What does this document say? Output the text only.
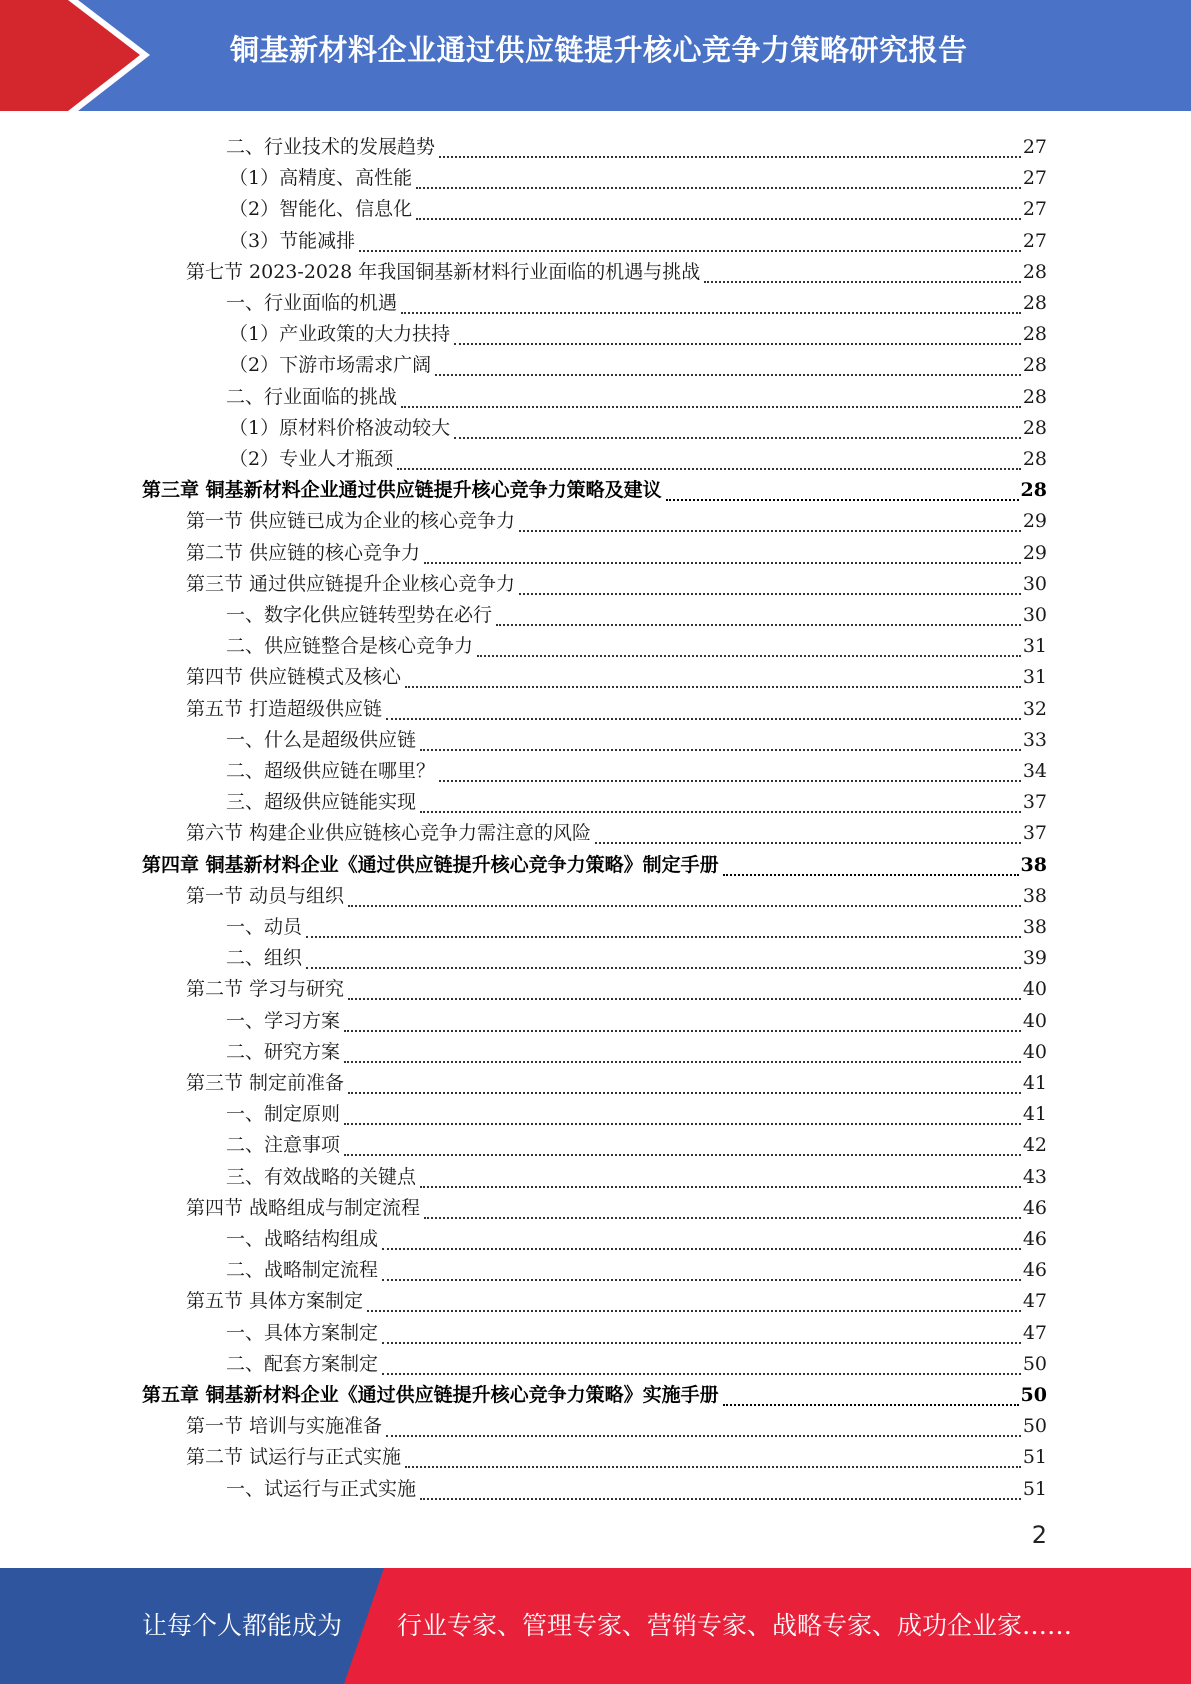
铜基新材料企业通过供应链提升核心竞争力策略研究报告
二、行业技术的发展趋势	27
（1）高精度、高性能	27
（2）智能化、信息化	27
（3）节能减排	27
第七节 2023-2028 年我国铜基新材料行业面临的机遇与挑战	28
一、行业面临的机遇	28
（1）产业政策的大力扶持	28
（2）下游市场需求广阔	28
二、行业面临的挑战	28
（1）原材料价格波动较大	28
（2）专业人才瓶颈	28
第三章 铜基新材料企业通过供应链提升核心竞争力策略及建议	28
第一节 供应链已成为企业的核心竞争力	29
第二节 供应链的核心竞争力	29
第三节 通过供应链提升企业核心竞争力	30
一、数字化供应链转型势在必行	30
二、供应链整合是核心竞争力	31
第四节 供应链模式及核心	31
第五节 打造超级供应链	32
一、什么是超级供应链	33
二、超级供应链在哪里？	34
三、超级供应链能实现	37
第六节 构建企业供应链核心竞争力需注意的风险	37
第四章 铜基新材料企业《通过供应链提升核心竞争力策略》制定手册	38
第一节 动员与组织	38
一、动员	38
二、组织	39
第二节 学习与研究	40
一、学习方案	40
二、研究方案	40
第三节 制定前准备	41
一、制定原则	41
二、注意事项	42
三、有效战略的关键点	43
第四节 战略组成与制定流程	46
一、战略结构组成	46
二、战略制定流程	46
第五节 具体方案制定	47
一、具体方案制定	47
二、配套方案制定	50
第五章 铜基新材料企业《通过供应链提升核心竞争力策略》实施手册	50
第一节 培训与实施准备	50
第二节 试运行与正式实施	51
一、试运行与正式实施	51
2
让每个人都能成为 行业专家、管理专家、营销专家、战略专家、成功企业家……
